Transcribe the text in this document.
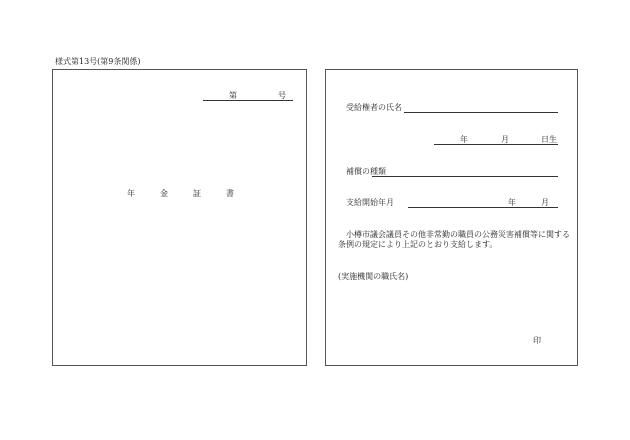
様式第13号(第9条関係)
第	号
年	金	証	書
受給権者の氏名
年	月	日生
補償の種類
支給開始年月	年	月
小樽市議会議員その他非常勤の職員の公務災害補償等に関する
条例の規定により上記のとおり支給します。
(実施機関の職氏名)
印
